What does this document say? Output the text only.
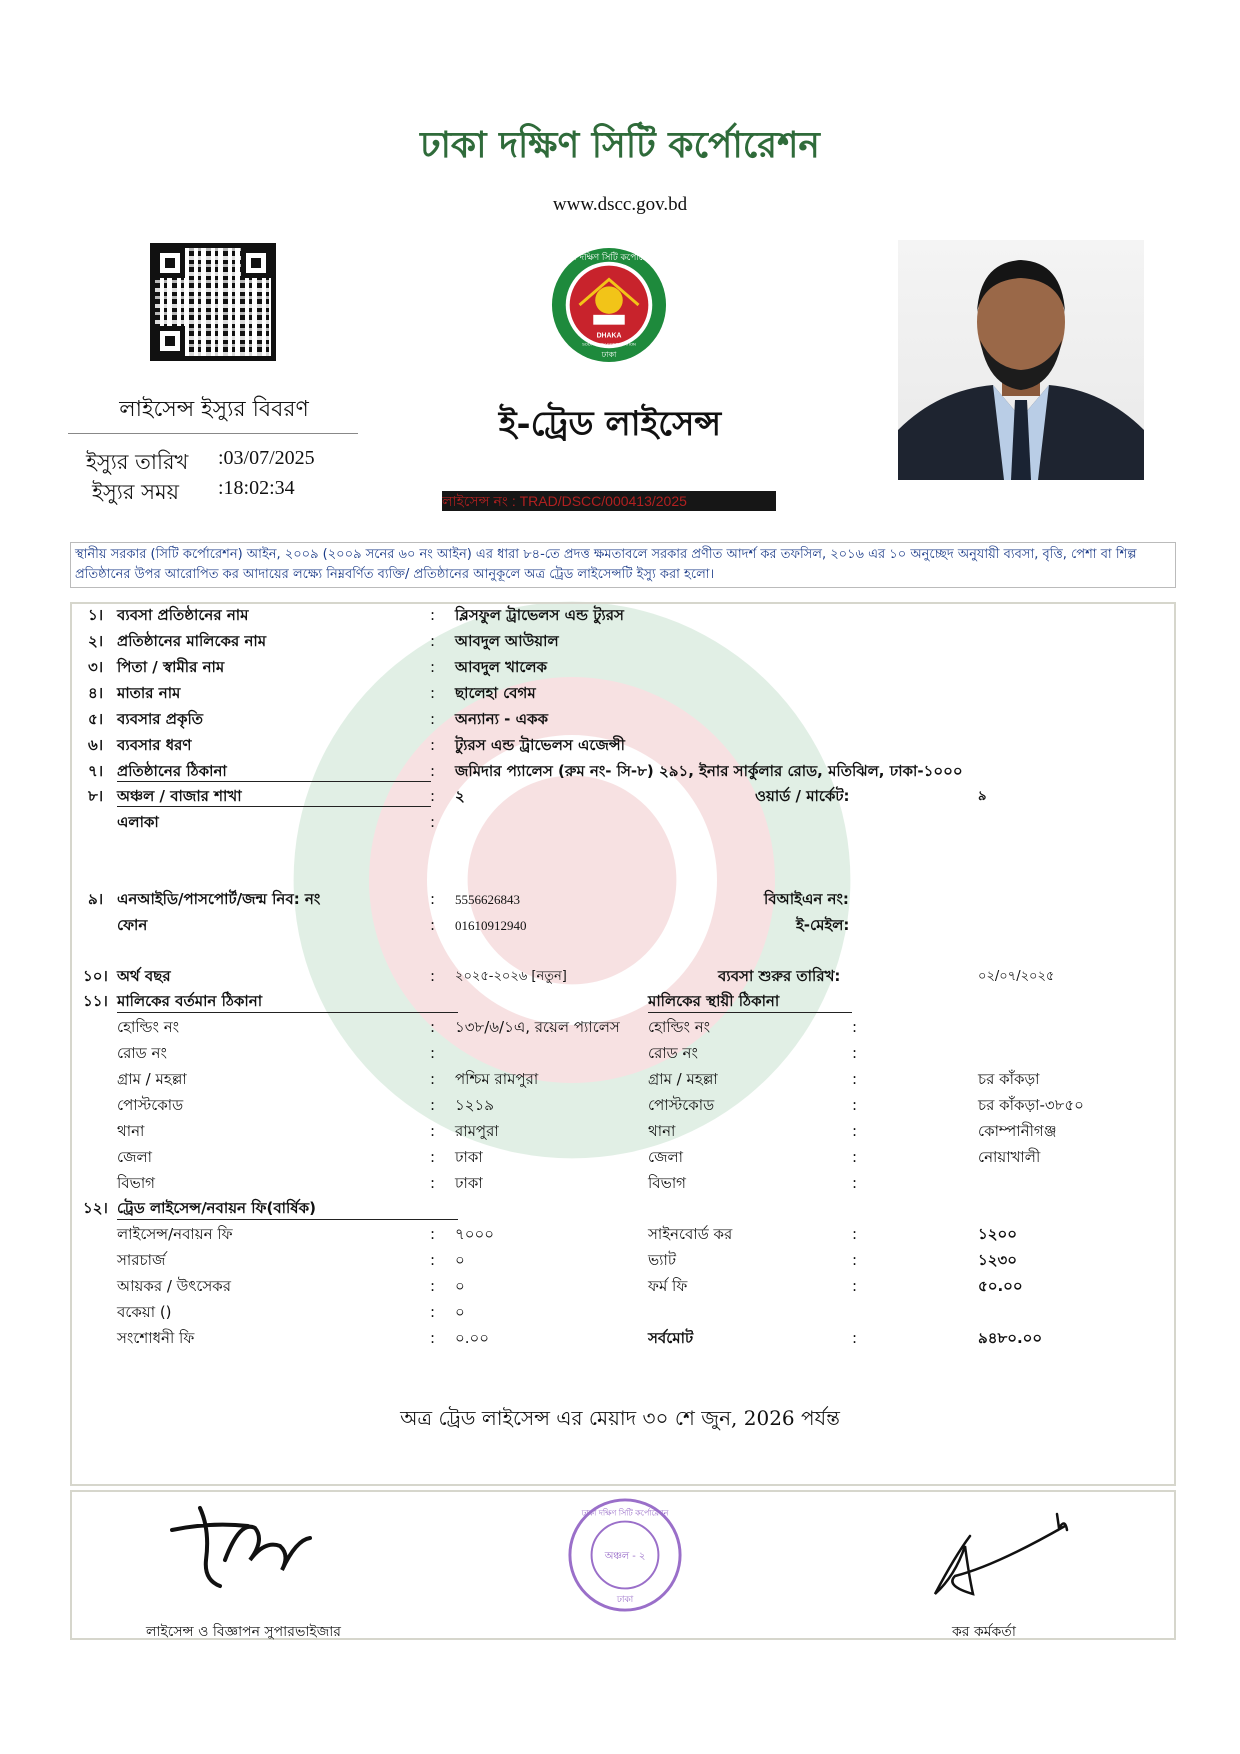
ঢাকা দক্ষিণ সিটি কর্পোরেশন
www.dscc.gov.bd
ঢাকা দক্ষিণ সিটি কর্পোরেশন
DHAKA
SOUTH CITY CORPORATION
ঢাকা
লাইসেন্স ইস্যুর বিবরণ
ইস্যুর তারিখ :03/07/2025
ইস্যুর সময় :18:02:34
ই-ট্রেড লাইসেন্স
লাইসেন্স নং : TRAD/DSCC/000413/2025
স্থানীয় সরকার (সিটি কর্পোরেশন) আইন, ২০০৯ (২০০৯ সনের ৬০ নং আইন) এর ধারা ৮৪-তে প্রদত্ত ক্ষমতাবলে সরকার প্রণীত আদর্শ কর তফসিল, ২০১৬ এর ১০ অনুচ্ছেদ অনুযায়ী ব্যবসা, বৃত্তি, পেশা বা শিল্প প্রতিষ্ঠানের উপর আরোপিত কর আদায়ের লক্ষ্যে নিম্নবর্ণিত ব্যক্তি/ প্রতিষ্ঠানের আনুকূলে অত্র ট্রেড লাইসেন্সটি ইস্যু করা হলো।
১। ব্যবসা প্রতিষ্ঠানের নাম	: ব্লিসফুল ট্রাভেলস এন্ড ট্যুরস
২। প্রতিষ্ঠানের মালিকের নাম	: আবদুল আউয়াল
৩। পিতা / স্বামীর নাম	: আবদুল খালেক
৪। মাতার নাম	: ছালেহা বেগম
৫। ব্যবসার প্রকৃতি	: অন্যান্য - একক
৬। ব্যবসার ধরণ	: ট্যুরস এন্ড ট্রাভেলস এজেন্সী
৭। প্রতিষ্ঠানের ঠিকানা	: জমিদার প্যালেস (রুম নং- সি-৮) ২৯১, ইনার সার্কুলার রোড, মতিঝিল, ঢাকা-১০০০
৮। অঞ্চল / বাজার শাখা	: ২	ওয়ার্ড / মার্কেট:	৯
এলাকা	:
৯। এনআইডি/পাসপোর্ট/জন্ম নিব: নং	: 5556626843	বিআইএন নং:
ফোন	: 01610912940	ই-মেইল:
১০। অর্থ বছর	: ২০২৫-২০২৬ [নতুন]	ব্যবসা শুরুর তারিখ:	০২/০৭/২০২৫
১১। মালিকের বর্তমান ঠিকানা	মালিকের স্থায়ী ঠিকানা
হোল্ডিং নং	: ১৩৮/৬/১এ, রয়েল প্যালেস হোল্ডিং নং	:
রোড নং	:	রোড নং	:
গ্রাম / মহল্লা	: পশ্চিম রামপুরা	গ্রাম / মহল্লা	:	চর কাঁকড়া
পোস্টকোড	: ১২১৯	পোস্টকোড	:	চর কাঁকড়া-৩৮৫০
থানা	: রামপুরা	থানা	:	কোম্পানীগঞ্জ
জেলা	: ঢাকা	জেলা	:	নোয়াখালী
বিভাগ	: ঢাকা	বিভাগ	:
১২। ট্রেড লাইসেন্স/নবায়ন ফি(বার্ষিক)
লাইসেন্স/নবায়ন ফি	: ৭০০০	সাইনবোর্ড কর	:	১২০০
সারচার্জ	: ০	ভ্যাট	:	১২৩০
আয়কর / উৎসেকর	: ০	ফর্ম ফি	:	৫০.০০
বকেয়া ()	: ০
সংশোধনী ফি	: ০.০০	সর্বমোট	:	৯৪৮০.০০
অত্র ট্রেড লাইসেন্স এর মেয়াদ ৩০ শে জুন, 2026 পর্যন্ত
ঢাকা দক্ষিণ সিটি কর্পোরেশন
অঞ্চল - ২
ঢাকা
লাইসেন্স ও বিজ্ঞাপন সুপারভাইজার	কর কর্মকর্তা
